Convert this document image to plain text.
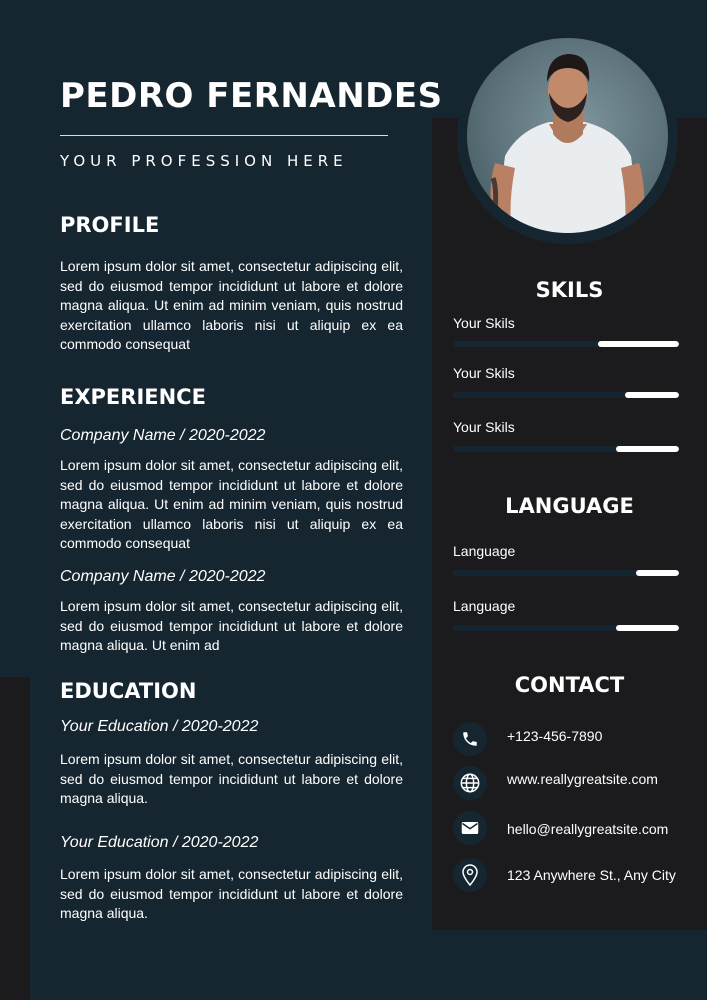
PEDRO FERNANDES
YOUR PROFESSION HERE
PROFILE

Lorem ipsum dolor sit amet, consectetur adipiscing elit, sed do eiusmod tempor incididunt ut labore et dolore magna aliqua. Ut enim ad minim veniam, quis nostrud exercitation ullamco laboris nisi ut aliquip ex ea commodo consequat

EXPERIENCE
Company Name / 2020-2022

Lorem ipsum dolor sit amet, consectetur adipiscing elit, sed do eiusmod tempor incididunt ut labore et dolore magna aliqua. Ut enim ad minim veniam, quis nostrud exercitation ullamco laboris nisi ut aliquip ex ea commodo consequat

Company Name / 2020-2022

Lorem ipsum dolor sit amet, consectetur adipiscing elit, sed do eiusmod tempor incididunt ut labore et dolore magna aliqua. Ut enim ad

EDUCATION
Your Education / 2020-2022

Lorem ipsum dolor sit amet, consectetur adipiscing elit, sed do eiusmod tempor incididunt ut labore et dolore magna aliqua.

Your Education / 2020-2022

Lorem ipsum dolor sit amet, consectetur adipiscing elit, sed do eiusmod tempor incididunt ut labore et dolore magna aliqua.

SKILS
Your Skils
Your Skils
Your Skils
LANGUAGE
Language
Language
CONTACT
+123-456-7890
www.reallygreatsite.com
hello@reallygreatsite.com
123 Anywhere St., Any City
